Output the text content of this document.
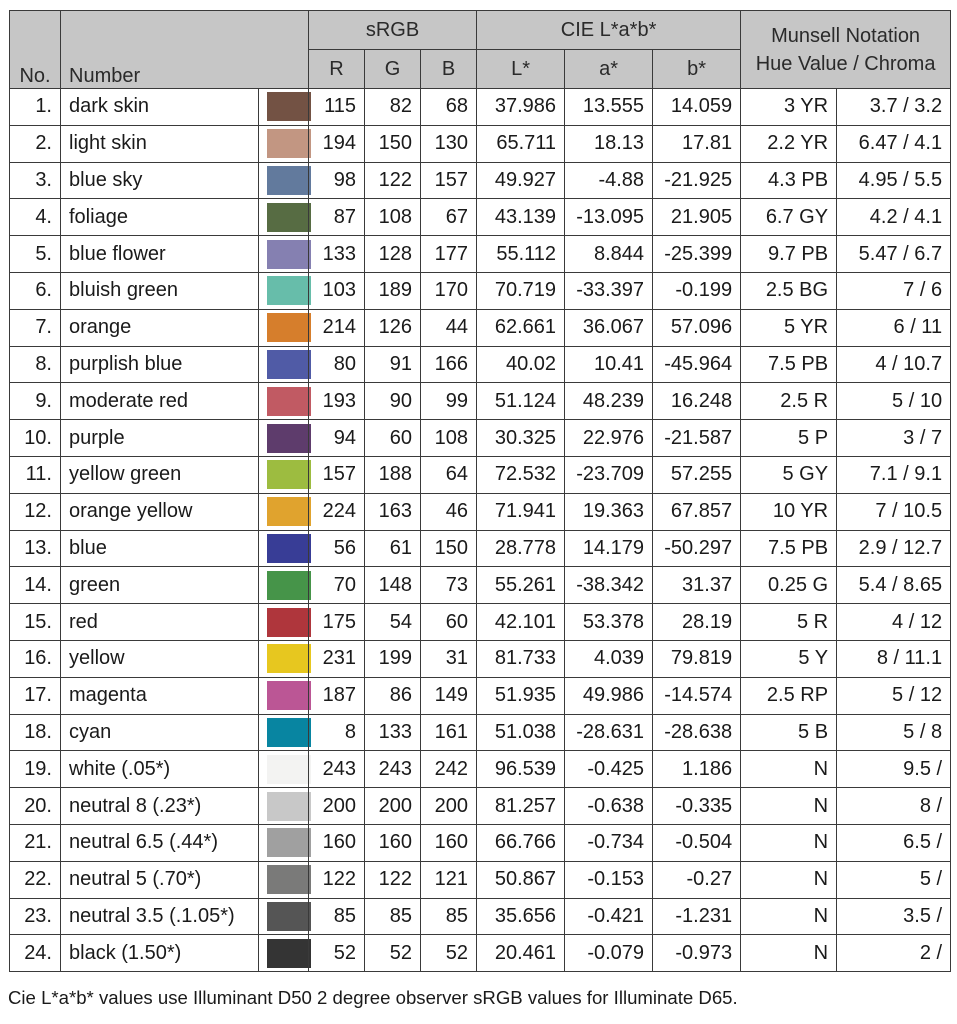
No.	Number		sRGB			CIE L*a*b*			Munsell Notation
Hue Value / Chroma	

			R	G	B	L*	a*	b*		
1.	dark skin		115	82	68	37.986	13.555	14.059	3 YR	3.7 / 3.2
2.	light skin		194	150	130	65.711	18.13	17.81	2.2 YR	6.47 / 4.1
3.	blue sky		98	122	157	49.927	-4.88	-21.925	4.3 PB	4.95 / 5.5
4.	foliage		87	108	67	43.139	-13.095	21.905	6.7 GY	4.2 / 4.1
5.	blue flower		133	128	177	55.112	8.844	-25.399	9.7 PB	5.47 / 6.7
6.	bluish green		103	189	170	70.719	-33.397	-0.199	2.5 BG	7 / 6
7.	orange		214	126	44	62.661	36.067	57.096	5 YR	6 / 11
8.	purplish blue		80	91	166	40.02	10.41	-45.964	7.5 PB	4 / 10.7
9.	moderate red		193	90	99	51.124	48.239	16.248	2.5 R	5 / 10
10.	purple		94	60	108	30.325	22.976	-21.587	5 P	3 / 7
11.	yellow green		157	188	64	72.532	-23.709	57.255	5 GY	7.1 / 9.1
12.	orange yellow		224	163	46	71.941	19.363	67.857	10 YR	7 / 10.5
13.	blue		56	61	150	28.778	14.179	-50.297	7.5 PB	2.9 / 12.7
14.	green		70	148	73	55.261	-38.342	31.37	0.25 G	5.4 / 8.65
15.	red		175	54	60	42.101	53.378	28.19	5 R	4 / 12
16.	yellow		231	199	31	81.733	4.039	79.819	5 Y	8 / 11.1
17.	magenta		187	86	149	51.935	49.986	-14.574	2.5 RP	5 / 12
18.	cyan		8	133	161	51.038	-28.631	-28.638	5 B	5 / 8
19.	white (.05*)		243	243	242	96.539	-0.425	1.186	N	9.5 /
20.	neutral 8 (.23*)		200	200	200	81.257	-0.638	-0.335	N	8 /
21.	neutral 6.5 (.44*)		160	160	160	66.766	-0.734	-0.504	N	6.5 /
22.	neutral 5 (.70*)		122	122	121	50.867	-0.153	-0.27	N	5 /
23.	neutral 3.5 (.1.05*)		85	85	85	35.656	-0.421	-1.231	N	3.5 /
24.	black (1.50*)		52	52	52	20.461	-0.079	-0.973	N	2 /
Cie L*a*b* values use Illuminant D50 2 degree observer sRGB values for Illuminate D65.
